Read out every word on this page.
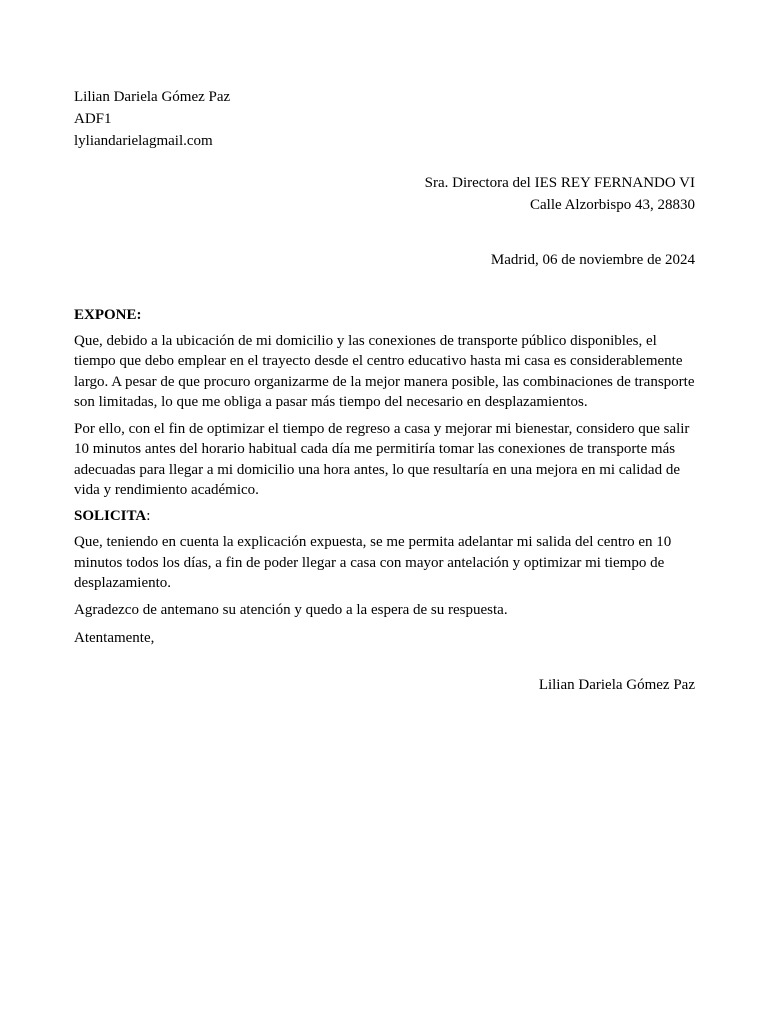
Lilian Dariela Gómez Paz
ADF1
lyliandarielagmail.com
Sra. Directora del IES REY FERNANDO VI
Calle Alzorbispo 43, 28830
Madrid, 06 de noviembre de 2024
EXPONE:

Que, debido a la ubicación de mi domicilio y las conexiones de transporte público disponibles, el tiempo que debo emplear en el trayecto desde el centro educativo hasta mi casa es considerablemente largo. A pesar de que procuro organizarme de la mejor manera posible, las combinaciones de transporte son limitadas, lo que me obliga a pasar más tiempo del necesario en desplazamientos.

Por ello, con el fin de optimizar el tiempo de regreso a casa y mejorar mi bienestar, considero que salir 10 minutos antes del horario habitual cada día me permitiría tomar las conexiones de transporte más adecuadas para llegar a mi domicilio una hora antes, lo que resultaría en una mejora en mi calidad de vida y rendimiento académico.

SOLICITA:

Que, teniendo en cuenta la explicación expuesta, se me permita adelantar mi salida del centro en 10 minutos todos los días, a fin de poder llegar a casa con mayor antelación y optimizar mi tiempo de desplazamiento.

Agradezco de antemano su atención y quedo a la espera de su respuesta.

Atentamente,

Lilian Dariela Gómez Paz
